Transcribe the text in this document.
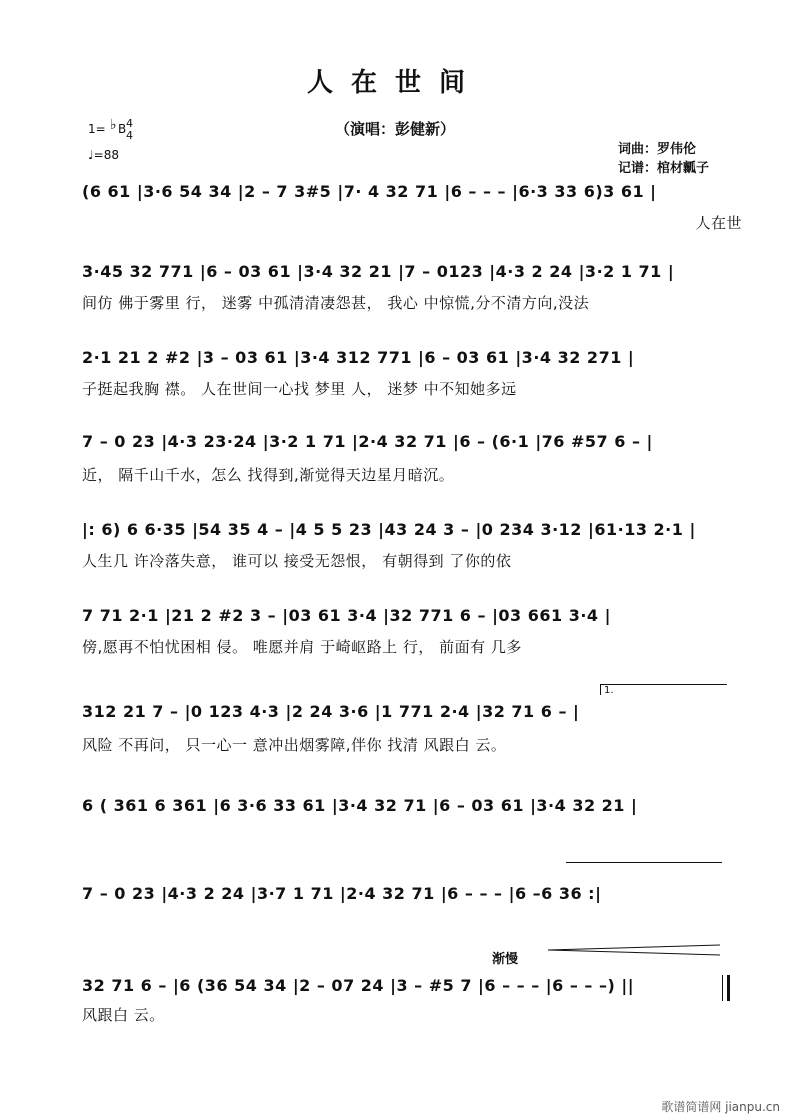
人在世间
（演唱：彭健新）
1= ♭ B 4
4
♩=88	词曲：罗伟伦
记谱：棺材瓤子
(6 61 |3·6 54 34 |2 – 7 3#5 |7· 4 32 71 |6 – – – |6·3 33 6)3 61 |
人在世
3·45 32 771 |6 – 03 61 |3·4 32 21 |7 – 0123 |4·3 2 24 |3·2 1 71 |
间仿 佛于雾里 行， 迷雾 中孤清清凄怨甚， 我心 中惊慌,分不清方向,没法
2·1 21 2 #2 |3 – 03 61 |3·4 312 771 |6 – 03 61 |3·4 32 271 |
子挺起我胸 襟。 人在世间一心找 梦里 人， 迷梦 中不知她多远
7 – 0 23 |4·3 23·24 |3·2 1 71 |2·4 32 71 |6 – (6·1 |76 #57 6 – |
近， 隔千山千水，怎么 找得到,渐觉得天边星月暗沉。
|: 6) 6 6·35 |54 35 4 – |4 5 5 23 |43 24 3 – |0 234 3·12 |61·13 2·1 |
人生几 许冷落失意， 谁可以 接受无怨恨， 有朝得到 了你的依
7 71 2·1 |21 2 #2 3 – |03 61 3·4 |32 771 6 – |03 661 3·4 |
傍,愿再不怕忧困相 侵。 唯愿并肩 于崎岖路上 行， 前面有 几多
1.
312 21 7 – |0 123 4·3 |2 24 3·6 |1 771 2·4 |32 71 6 – |
风险 不再问， 只一心一 意冲出烟雾障,伴你 找清 风跟白 云。
6 ( 361 6 361 |6 3·6 33 61 |3·4 32 71 |6 – 03 61 |3·4 32 21 |
7 – 0 23 |4·3 2 24 |3·7 1 71 |2·4 32 71 |6 – – – |6 –6 36 :|
渐慢
32 71 6 – |6 (36 54 34 |2 – 07 24 |3 – #5 7 |6 – – – |6 – – –) ||
风跟白 云。
歌谱简谱网 jianpu.cn
